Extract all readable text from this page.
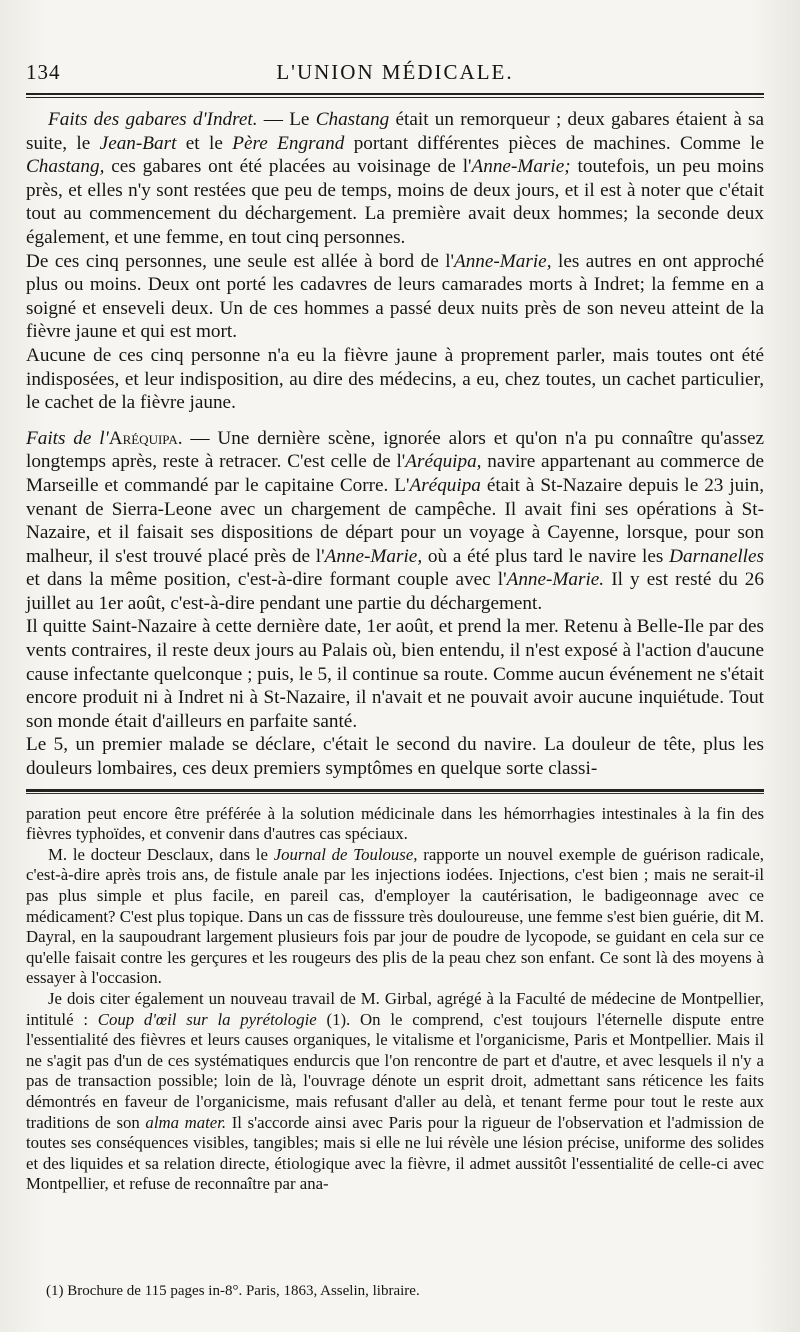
134	L'UNION MÉDICALE.

Faits des gabares d'Indret. — Le Chastang était un remorqueur ; deux gabares étaient à sa suite, le Jean-Bart et le Père Engrand portant différentes pièces de machines. Comme le Chastang, ces gabares ont été placées au voisinage de l'Anne-Marie; toutefois, un peu moins près, et elles n'y sont restées que peu de temps, moins de deux jours, et il est à noter que c'était tout au commencement du déchargement. La première avait deux hommes; la seconde deux également, et une femme, en tout cinq personnes.

De ces cinq personnes, une seule est allée à bord de l'Anne-Marie, les autres en ont approché plus ou moins. Deux ont porté les cadavres de leurs camarades morts à Indret; la femme en a soigné et enseveli deux. Un de ces hommes a passé deux nuits près de son neveu atteint de la fièvre jaune et qui est mort.

Aucune de ces cinq personne n'a eu la fièvre jaune à proprement parler, mais toutes ont été indisposées, et leur indisposition, au dire des médecins, a eu, chez toutes, un cachet particulier, le cachet de la fièvre jaune.

Faits de l'Aréquipa. — Une dernière scène, ignorée alors et qu'on n'a pu connaître qu'assez longtemps après, reste à retracer. C'est celle de l'Aréquipa, navire appartenant au commerce de Marseille et commandé par le capitaine Corre. L'Aréquipa était à St-Nazaire depuis le 23 juin, venant de Sierra-Leone avec un chargement de campêche. Il avait fini ses opérations à St-Nazaire, et il faisait ses dispositions de départ pour un voyage à Cayenne, lorsque, pour son malheur, il s'est trouvé placé près de l'Anne-Marie, où a été plus tard le navire les Darnanelles et dans la même position, c'est-à-dire formant couple avec l'Anne-Marie. Il y est resté du 26 juillet au 1er août, c'est-à-dire pendant une partie du déchargement.

Il quitte Saint-Nazaire à cette dernière date, 1er août, et prend la mer. Retenu à Belle-Ile par des vents contraires, il reste deux jours au Palais où, bien entendu, il n'est exposé à l'action d'aucune cause infectante quelconque ; puis, le 5, il continue sa route. Comme aucun événement ne s'était encore produit ni à Indret ni à St-Nazaire, il n'avait et ne pouvait avoir aucune inquiétude. Tout son monde était d'ailleurs en parfaite santé.

Le 5, un premier malade se déclare, c'était le second du navire. La douleur de tête, plus les douleurs lombaires, ces deux premiers symptômes en quelque sorte classi-

paration peut encore être préférée à la solution médicinale dans les hémorrhagies intestinales à la fin des fièvres typhoïdes, et convenir dans d'autres cas spéciaux.

M. le docteur Desclaux, dans le Journal de Toulouse, rapporte un nouvel exemple de guérison radicale, c'est-à-dire après trois ans, de fistule anale par les injections iodées. Injections, c'est bien ; mais ne serait-il pas plus simple et plus facile, en pareil cas, d'employer la cautérisation, le badigeonnage avec ce médicament? C'est plus topique. Dans un cas de fisssure très douloureuse, une femme s'est bien guérie, dit M. Dayral, en la saupoudrant largement plusieurs fois par jour de poudre de lycopode, se guidant en cela sur ce qu'elle faisait contre les gerçures et les rougeurs des plis de la peau chez son enfant. Ce sont là des moyens à essayer à l'occasion.

Je dois citer également un nouveau travail de M. Girbal, agrégé à la Faculté de médecine de Montpellier, intitulé : Coup d'œil sur la pyrétologie (1). On le comprend, c'est toujours l'éternelle dispute entre l'essentialité des fièvres et leurs causes organiques, le vitalisme et l'organicisme, Paris et Montpellier. Mais il ne s'agit pas d'un de ces systématiques endurcis que l'on rencontre de part et d'autre, et avec lesquels il n'y a pas de transaction possible; loin de là, l'ouvrage dénote un esprit droit, admettant sans réticence les faits démontrés en faveur de l'organicisme, mais refusant d'aller au delà, et tenant ferme pour tout le reste aux traditions de son alma mater. Il s'accorde ainsi avec Paris pour la rigueur de l'observation et l'admission de toutes ses conséquences visibles, tangibles; mais si elle ne lui révèle une lésion précise, uniforme des solides et des liquides et sa relation directe, étiologique avec la fièvre, il admet aussitôt l'essentialité de celle-ci avec Montpellier, et refuse de reconnaître par ana-

(1) Brochure de 115 pages in-8°. Paris, 1863, Asselin, libraire.
